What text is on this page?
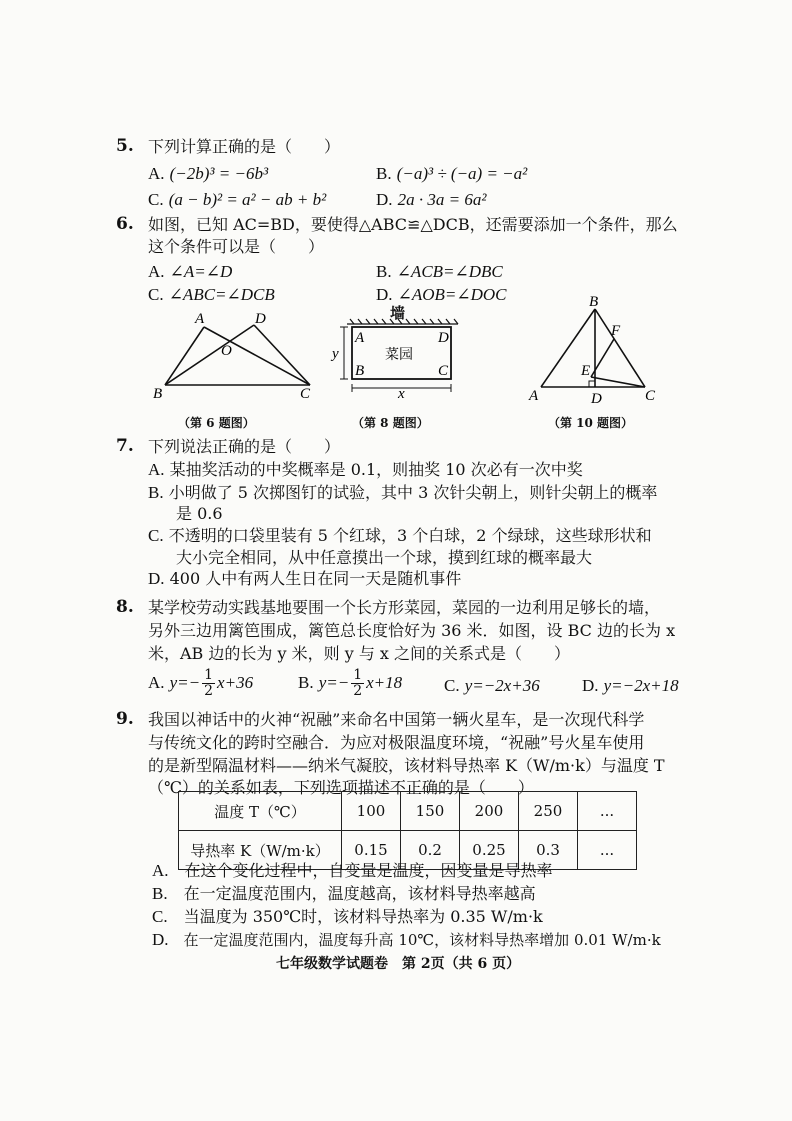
5. 下列计算正确的是（　　）
A. (−2b)³ = −6b³	B. (−a)³ ÷ (−a) = −a²
C. (a − b)² = a² − ab + b²	D. 2a · 3a = 6a²
6. 如图，已知 AC=BD，要使得△ABC≌△DCB，还需要添加一个条件，那么
这个条件可以是（　　）
A. ∠A=∠D	B. ∠ACB=∠DBC
C. ∠ABC=∠DCB	D. ∠AOB=∠DOC
A	D
O
B	C
（第 6 题图）
墙
A	D
B	C
y
x
菜园
（第 8 题图）
B
F
E
A	D	C
（第 10 题图）
7. 下列说法正确的是（　　）
A. 某抽奖活动的中奖概率是 0.1，则抽奖 10 次必有一次中奖
B. 小明做了 5 次掷图钉的试验，其中 3 次针尖朝上，则针尖朝上的概率
是 0.6
C. 不透明的口袋里装有 5 个红球，3 个白球，2 个绿球，这些球形状和
大小完全相同，从中任意摸出一个球，摸到红球的概率最大
D. 400 人中有两人生日在同一天是随机事件
8. 某学校劳动实践基地要围一个长方形菜园，菜园的一边利用足够长的墙，
另外三边用篱笆围成，篱笆总长度恰好为 36 米．如图，设 BC 边的长为 x
米，AB 边的长为 y 米，则 y 与 x 之间的关系式是（　　）
A. $y=- \frac{1}{2} x+36$	B. $y=- \frac{1}{2} x+18$ C. y=−2x+36 D. y=−2x+18
9. 我国以神话中的火神“祝融”来命名中国第一辆火星车，是一次现代科学
与传统文化的跨时空融合．为应对极限温度环境，“祝融”号火星车使用
的是新型隔温材料——纳米气凝胶，该材料导热率 K（W/m·k）与温度 T
（℃）的关系如表，下列选项描述不正确的是（　　）
温度 T（℃）	100	150	200	250	...
导热率 K（W/m·k）	0.15	0.2	0.25	0.3	...
A.　 在这个变化过程中，自变量是温度，因变量是导热率
B.　 在一定温度范围内，温度越高，该材料导热率越高
C.　 当温度为 350℃时，该材料导热率为 0.35 W/m·k
D.　 在一定温度范围内，温度每升高 10℃，该材料导热率增加 0.01 W/m·k
七年级数学试题卷　第 2页（共 6 页）
